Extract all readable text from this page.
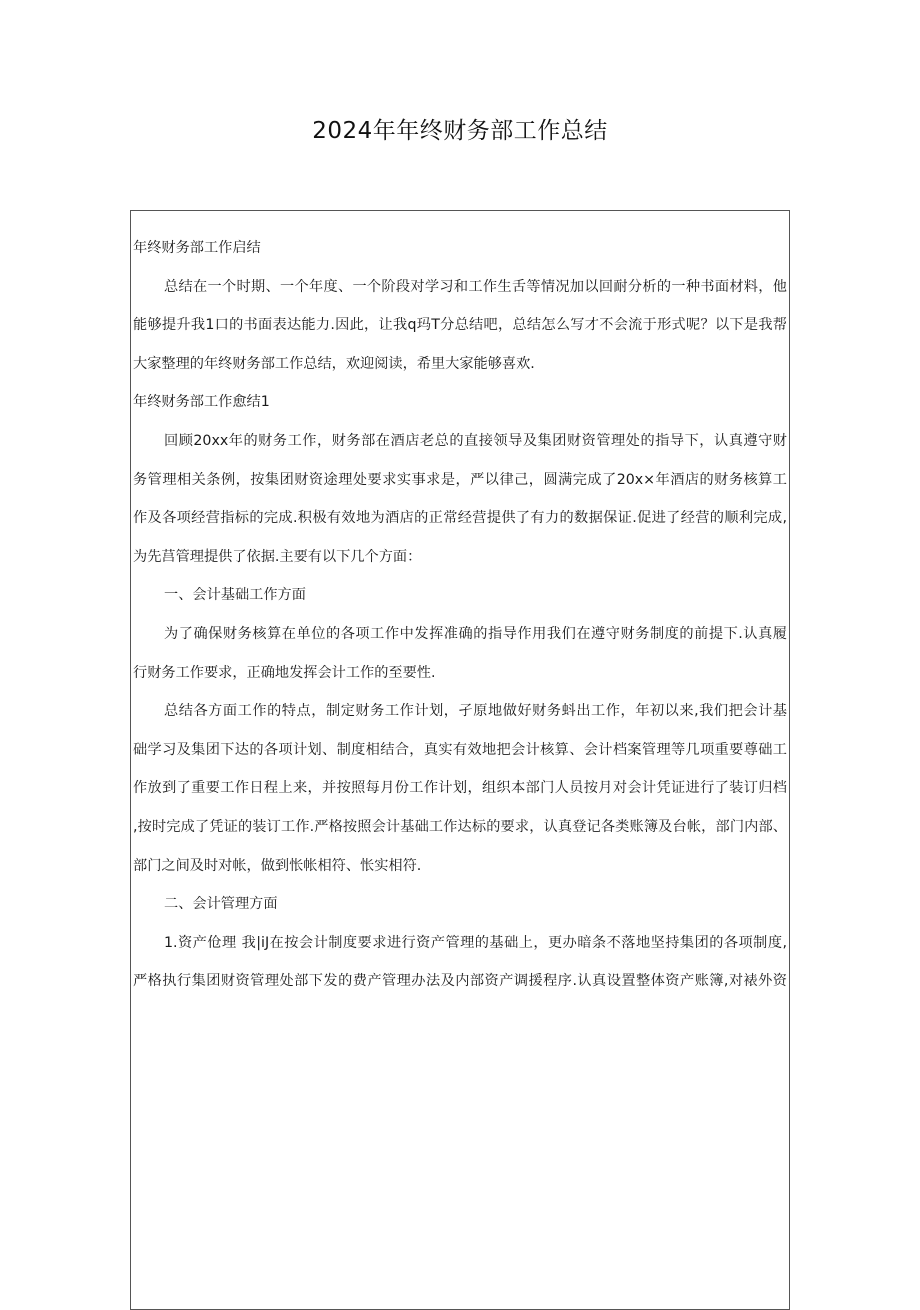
2024年年终财务部工作总结

年终财务部工作启结

总结在一个时期、一个年度、一个阶段对学习和工作生舌等情况加以回耐分析的一种书面材料，他

能够提升我1口的书面表达能力.因此，让我q玛T分总结吧，总结怎么写才不会流于形式呢？以下是我帮

大家整理的年终财务部工作总结，欢迎阅读，希里大家能够喜欢.

年终财务部工作愈结1

回顾20xx年的财务工作，财务部在酒店老总的直接领导及集团财资管理处的指导下，认真遵守财

务管理相关条例，按集团财资途理处要求实事求是，严以律己，圆满完成了20x×年酒店的财务核算工

作及各项经营指标的完成.积极有效地为酒店的正常经营提供了有力的数据保证.促进了经营的顺利完成,

为先莒管理提供了依据.主要有以下几个方面：

一、会计基础工作方面

为了确保财务核算在单位的各项工作中发挥准确的指导作用我们在遵守财务制度的前提下.认真履

行财务工作要求，正确地发挥会计工作的至要性.

总结各方面工作的特点，制定财务工作计划，孑原地做好财务蚪出工作，年初以来,我们把会计基

础学习及集团下达的各项计划、制度相结合，真实有效地把会计核算、会计档案管理等几项重要尊础工

作放到了重要工作日程上来，并按照每月份工作计划，组织本部门人员按月对会计凭证进行了装订归档

,按时完成了凭证的装订工作.严格按照会计基础工作达标的要求，认真登记各类账簿及台帐，部门内部、

部门之间及时对帐，做到怅帐相符、怅实相符.

二、会计管理方面

1.资产伧理 我|iJ在按会计制度要求进行资产管理的基础上，更办暗条不落地坚持集团的各项制度,

严格执行集团财资管理处部下发的费产管理办法及内部资产调援程序.认真设置整体资产账簿,对裱外资
